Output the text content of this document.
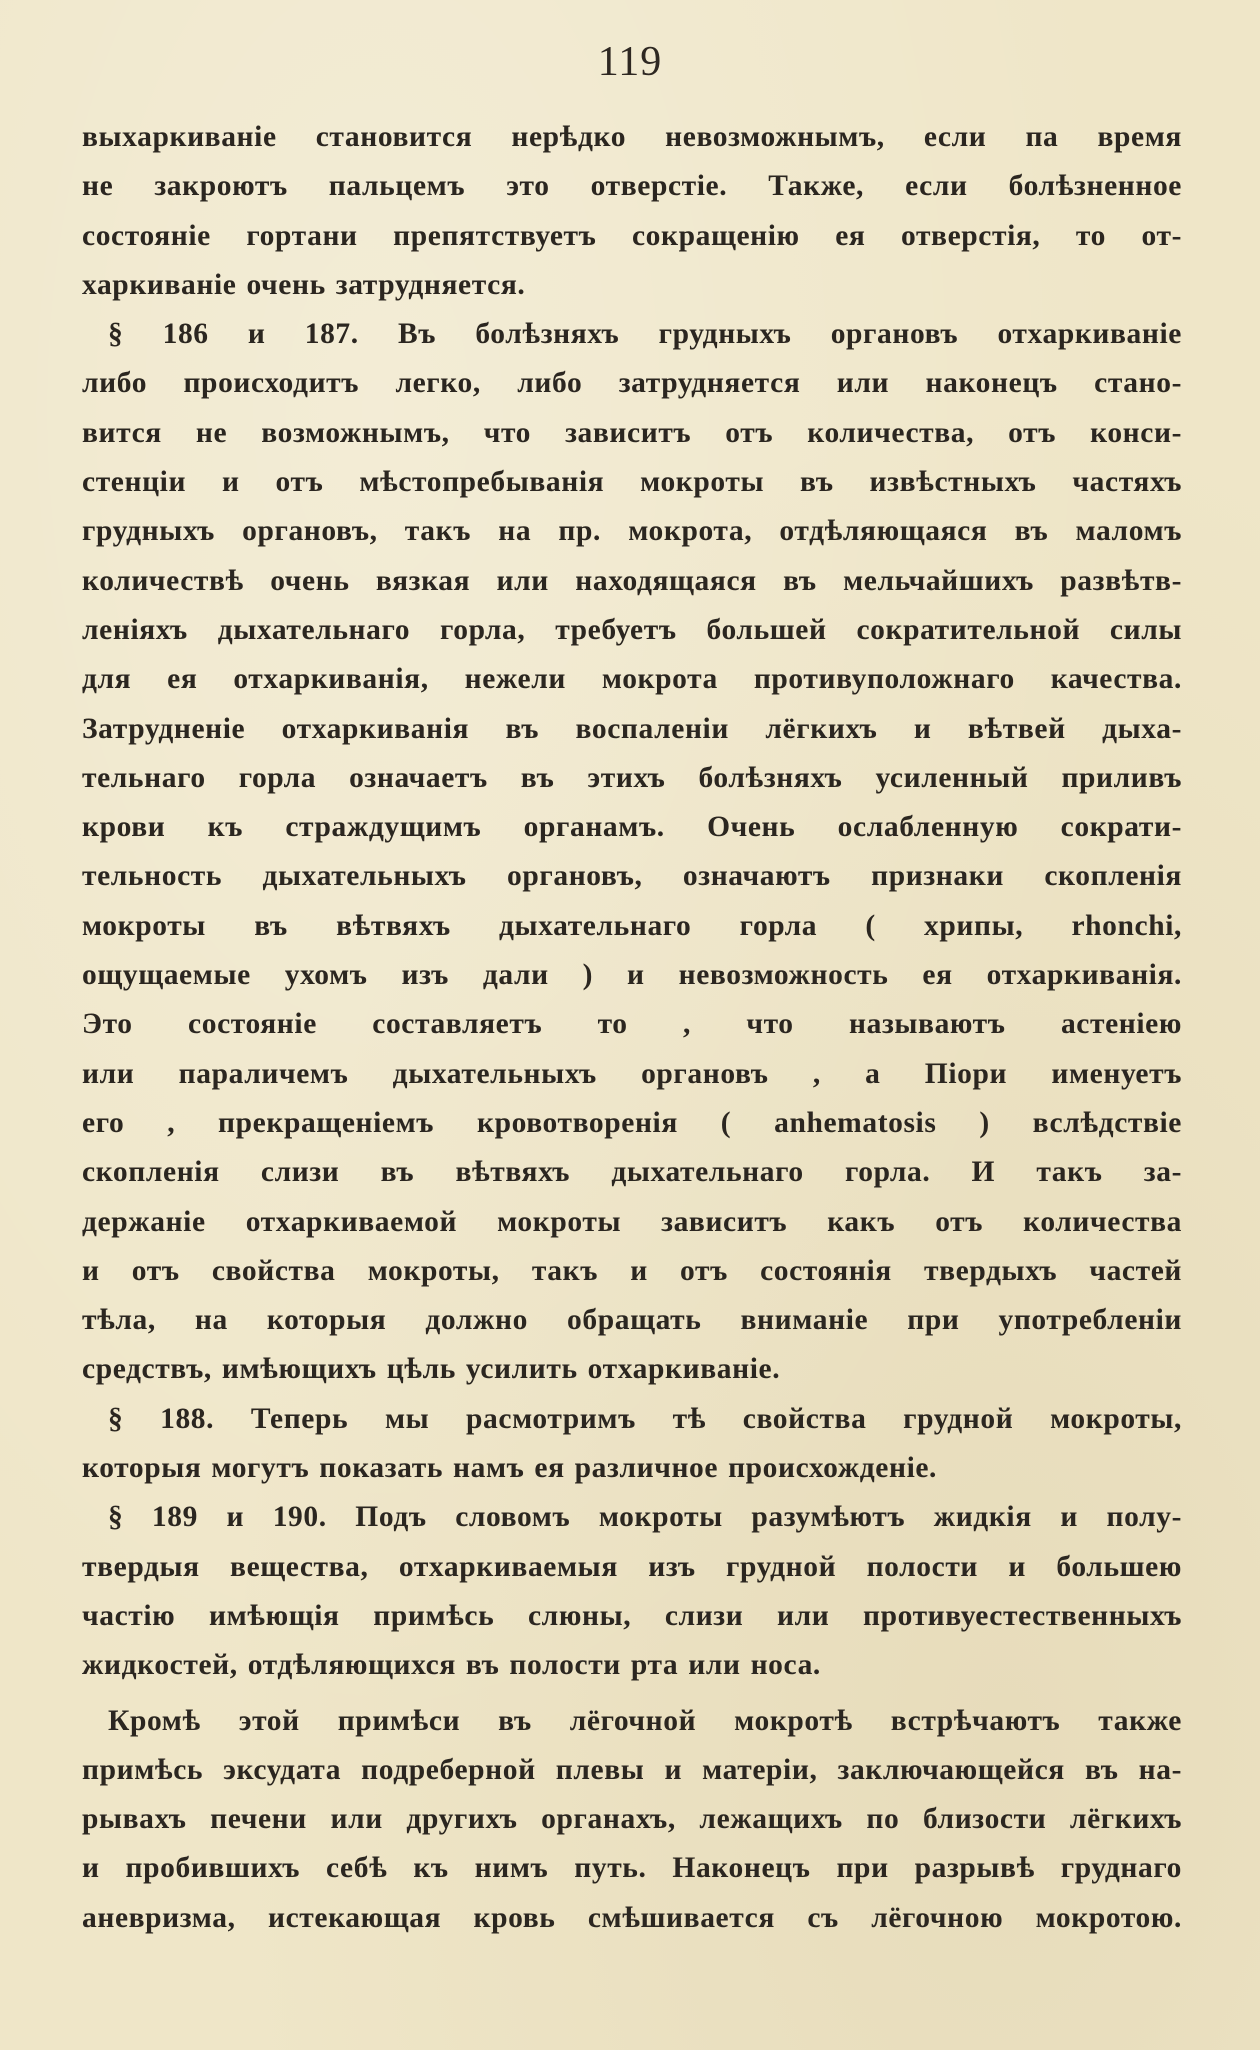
119
выхаркиванie становится нерѣдко невозможнымъ, если па время
не закроютъ пальцемъ это отверстie. Также, если болѣзненное
состоянie гортани препятствуетъ сокращенiю ея отверстiя, то от-
харкиванie очень затрудняется.
§ 186 и 187. Въ болѣзняхъ грудныхъ органовъ отхаркиванie
либо происходитъ легко, либо затрудняется или наконецъ стано-
вится не возможнымъ, что зависитъ отъ количества, отъ конси-
стенцiи и отъ мѣстопребыванiя мокроты въ извѣстныхъ частяхъ
грудныхъ органовъ, такъ на пр. мокрота, отдѣляющаяся въ маломъ
количествѣ очень вязкая или находящаяся въ мельчайшихъ развѣтв-
ленiяхъ дыхательнаго горла, требуетъ большей сократительной силы
для ея отхаркиванiя, нежели мокрота противуположнаго качества.
Затрудненie отхаркиванiя въ воспаленiи лёгкихъ и вѣтвей дыха-
тельнаго горла означаетъ въ этихъ болѣзняхъ усиленный приливъ
крови къ страждущимъ органамъ. Очень ослабленную сократи-
тельность дыхательныхъ органовъ, означаютъ признаки скопленiя
мокроты въ вѣтвяхъ дыхательнаго горла ( хрипы, rhonchi,
ощущаемые ухомъ изъ дали ) и невозможность ея отхаркиванiя.
Это состоянie составляетъ то , что называютъ астенiею
или параличемъ дыхательныхъ органовъ , а Пiори именуетъ
его , прекращенiемъ кровотворенiя ( anhematosis ) вслѣдствie
скопленiя слизи въ вѣтвяхъ дыхательнаго горла. И такъ за-
держанie отхаркиваемой мокроты зависитъ какъ отъ количества
и отъ свойства мокроты, такъ и отъ состоянiя твердыхъ частей
тѣла, на которыя должно обращать вниманie при употребленiи
средствъ, имѣющихъ цѣль усилить отхаркиванie.
§ 188. Теперь мы расмотримъ тѣ свойства грудной мокроты,
которыя могутъ показать намъ ея различное происхожденie.
§ 189 и 190. Подъ словомъ мокроты разумѣютъ жидкiя и полу-
твердыя вещества, отхаркиваемыя изъ грудной полости и большею
частiю имѣющiя примѣсь слюны, слизи или противуестественныхъ
жидкостей, отдѣляющихся въ полости рта или носа.
Кромѣ этой примѣси въ лёгочной мокротѣ встрѣчаютъ также
примѣсь эксудата подреберной плевы и матерiи, заключающейся въ на-
рывахъ печени или другихъ органахъ, лежащихъ по близости лёгкихъ
и пробившихъ себѣ къ нимъ путь. Наконецъ при разрывѣ груднаго
аневризма, истекающая кровь смѣшивается съ лёгочною мокротою.
